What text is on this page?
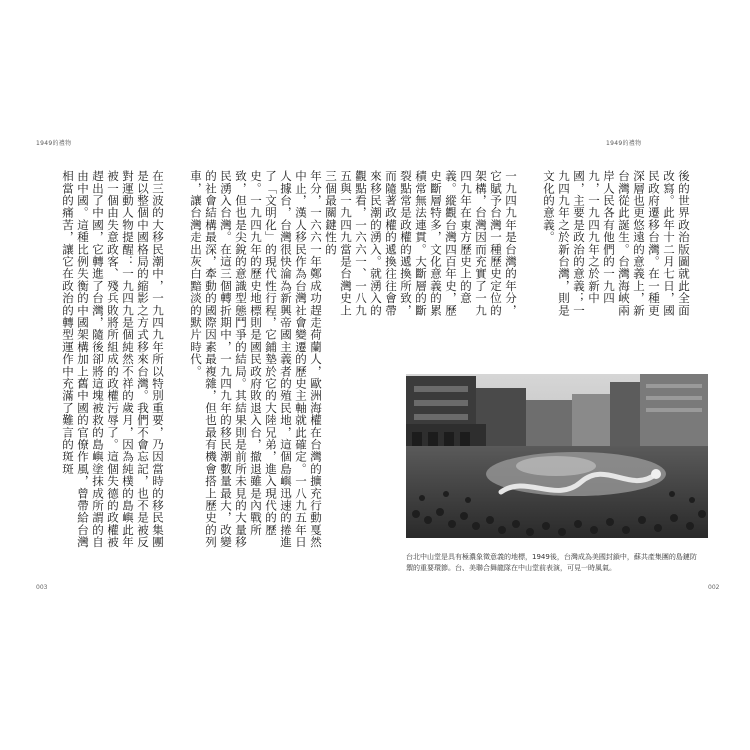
1949的禮物

年分，一六六一年鄭成功趕走荷蘭人，歐洲海權在台灣的擴充行動戛然中止，漢人移民作為台灣社會變遷的歷史主軸就此確定。一八九五年日人據台，台灣很快淪為新興帝國主義者的殖民地，這個島嶼迅速的捲進了「文明化」的現代性行程，它鋪墊於它的大陸兄弟，進入現代的歷史。一九四九年的歷史地標則是國民政府敗退入台，撤退雖是內戰所致，但也是尖銳的意識型態鬥爭的結局。其結果則是前所未見的大量移民湧入台灣。在這三個轉折期中，一九四九年的移民潮數量最大，改變的社會結構最深，牽動的國際因素最複雜，但也最有機會搭上歷史的列車，讓台灣走出灰白黯淡的默片時代。

在三波的大移民潮中，一九四九年所以特別重要，乃因當時的移民集團是以整個中國格局的縮影之方式移來台灣。我們不會忘記，也不是被反對運動人物提醒：一九四九是個純然不祥的歲月，因為純樸的島嶼此年被一個由失意政客、殘兵敗將所組成的政權污辱了。這個失德的政權被趕出了中國，它轉進了台灣，隨後卻將這塊被救的島嶼塗抹成所謂的自由中國。這種比例失衡的中國架構加上舊中國的官僚作風，曾帶給台灣相當的痛苦，讓它在政治的轉型運作中充滿了難言的斑斑

003
1949的禮物

後的世界政治版圖就此全面改寫。此年十二月七日，國民政府遷移台灣。在一種更深層也更悠遠的意義上，新台灣從此誕生。台灣海峽兩岸人民各有他們的一九四九，一九四九年之於新中國，主要是政治的意義；一九四九年之於新台灣，則是文化的意義。

一九四九年是台灣的年分，它賦予台灣一種歷史定位的架構，台灣因而充實了一九四九年在東方歷史上的意義。縱觀台灣四百年史，歷史斷層特多，文化意義的累積常無法連貫。大斷層的斷裂點常是政權的遞換所致，而隨著政權的遞換往往會帶來移民潮的湧入。就湧入的觀點看，一六六一、一八九五與一九四九當是台灣史上三個最關鍵性的

台北中山堂是具有極濃象徵意義的地標，1949後，台灣成為美國封鎖中，蘇共產集團的島鏈防禦的重要環節。台、美聯合舞龍隊在中山堂前表演，可見一時風氣。
002
